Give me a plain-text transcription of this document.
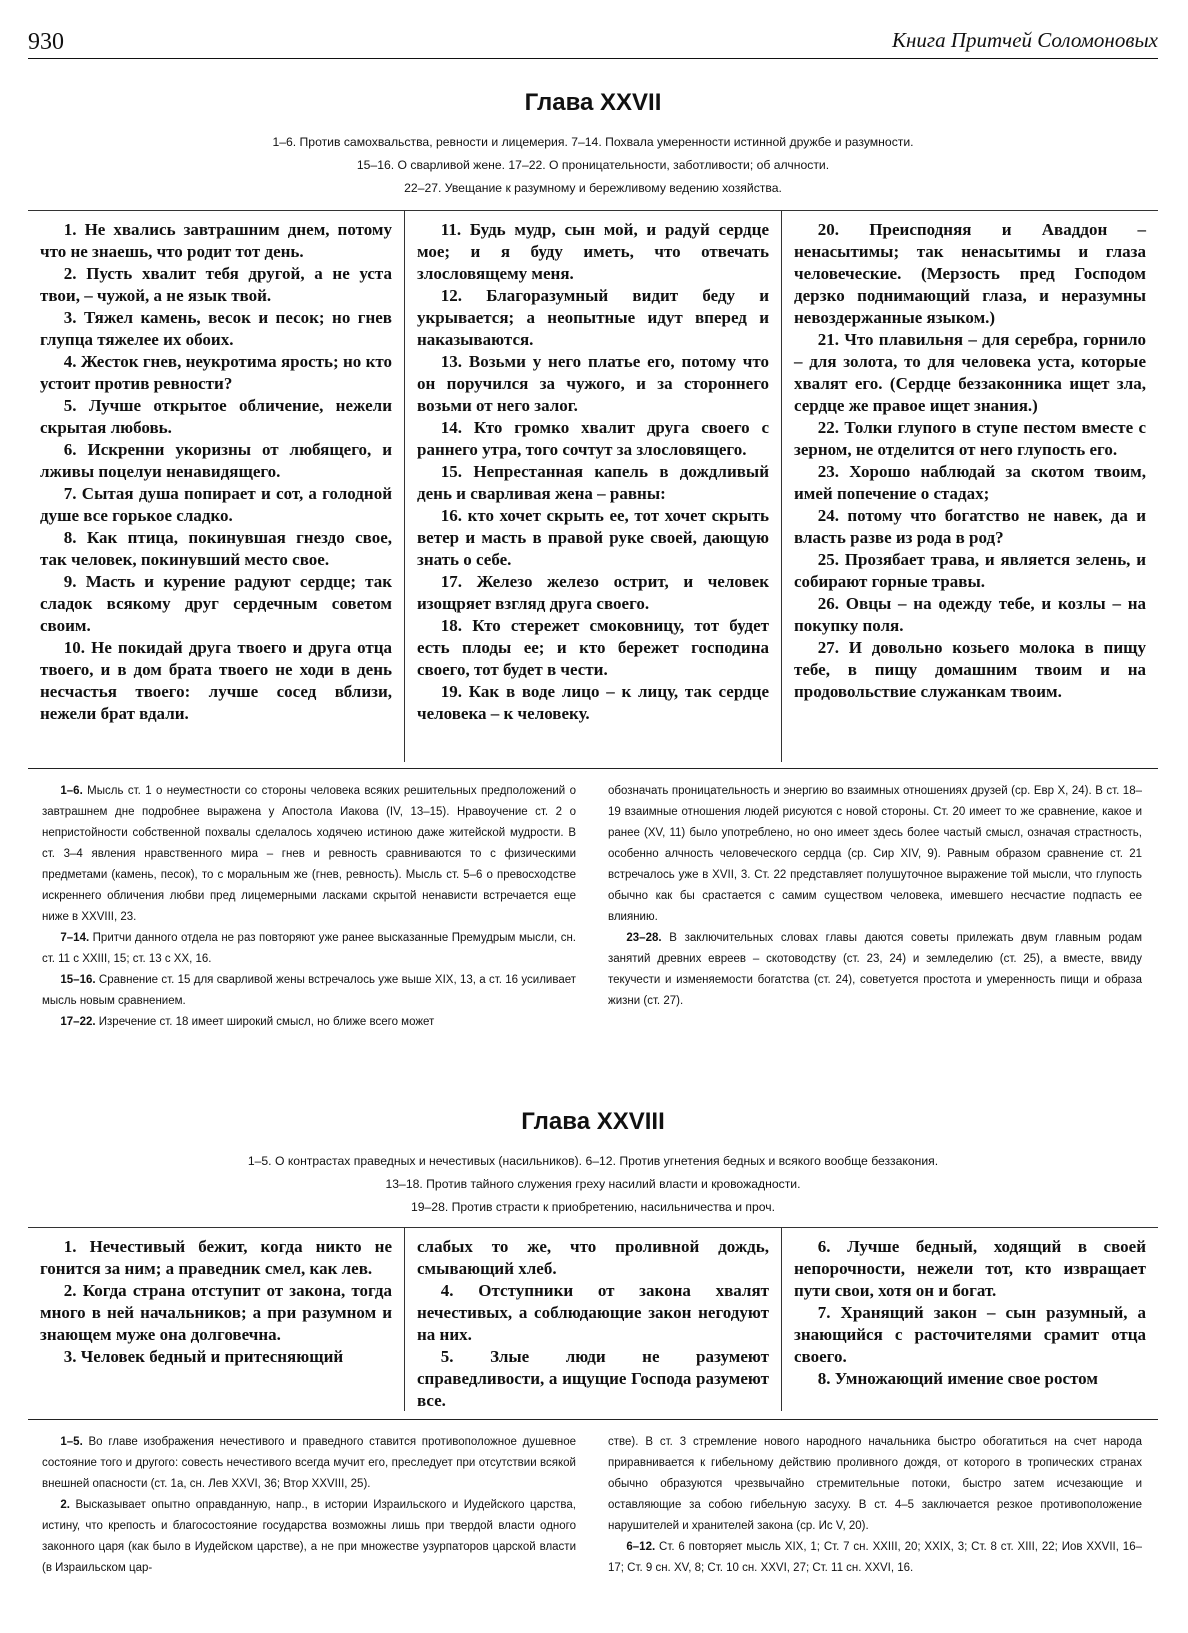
930	Книга Притчей Соломоновых
Глава XXVII
1–6. Против самохвальства, ревности и лицемерия. 7–14. Похвала умеренности истинной дружбе и разумности.
15–16. О сварливой жене. 17–22. О проницательности, заботливости; об алчности.
22–27. Увещание к разумному и бережливому ведению хозяйства.

1. Не хвались завтрашним днем, потому что не знаешь, что родит тот день.

2. Пусть хвалит тебя другой, а не уста твои, – чужой, а не язык твой.

3. Тяжел камень, весок и песок; но гнев глупца тяжелее их обоих.

4. Жесток гнев, неукротима ярость; но кто устоит против ревности?

5. Лучше открытое обличение, нежели скрытая любовь.

6. Искренни укоризны от любящего, и лживы поцелуи ненавидящего.

7. Сытая душа попирает и сот, а голодной душе все горькое сладко.

8. Как птица, покинувшая гнездо свое, так человек, покинувший место свое.

9. Масть и курение радуют сердце; так сладок всякому друг сердечным советом своим.

10. Не покидай друга твоего и друга отца твоего, и в дом брата твоего не ходи в день несчастья твоего: лучше сосед вблизи, нежели брат вдали.

11. Будь мудр, сын мой, и радуй сердце мое; и я буду иметь, что отвечать злословящему меня.

12. Благоразумный видит беду и укрывается; а неопытные идут вперед и наказываются.

13. Возьми у него платье его, потому что он поручился за чужого, и за стороннего возьми от него залог.

14. Кто громко хвалит друга своего с раннего утра, того сочтут за злословящего.

15. Непрестанная капель в дождливый день и сварливая жена – равны:

16. кто хочет скрыть ее, тот хочет скрыть ветер и масть в правой руке своей, дающую знать о себе.

17. Железо железо острит, и человек изощряет взгляд друга своего.

18. Кто стережет смоковницу, тот будет есть плоды ее; и кто бережет господина своего, тот будет в чести.

19. Как в воде лицо – к лицу, так сердце человека – к человеку.

20. Преисподняя и Аваддон – ненасытимы; так ненасытимы и глаза человеческие. (Мерзость пред Господом дерзко поднимающий глаза, и неразумны невоздержанные языком.)

21. Что плавильня – для серебра, горнило – для золота, то для человека уста, которые хвалят его. (Сердце беззаконника ищет зла, сердце же правое ищет знания.)

22. Толки глупого в ступе пестом вместе с зерном, не отделится от него глупость его.

23. Хорошо наблюдай за скотом твоим, имей попечение о стадах;

24. потому что богатство не навек, да и власть разве из рода в род?

25. Прозябает трава, и является зелень, и собирают горные травы.

26. Овцы – на одежду тебе, и козлы – на покупку поля.

27. И довольно козьего молока в пищу тебе, в пищу домашним твоим и на продовольствие служанкам твоим.

1–6. Мысль ст. 1 о неуместности со стороны человека всяких решительных предположений о завтрашнем дне подробнее выражена у Апостола Иакова (IV, 13–15). Нравоучение ст. 2 о непристойности собственной похвалы сделалось ходячею истиною даже житейской мудрости. В ст. 3–4 явления нравственного мира – гнев и ревность сравниваются то с физическими предметами (камень, песок), то с моральным же (гнев, ревность). Мысль ст. 5–6 о превосходстве искреннего обличения любви пред лицемерными ласками скрытой ненависти встречается еще ниже в XXVIII, 23.

7–14. Притчи данного отдела не раз повторяют уже ранее высказанные Премудрым мысли, сн. ст. 11 с XXIII, 15; ст. 13 с XX, 16.

15–16. Сравнение ст. 15 для сварливой жены встречалось уже выше XIX, 13, а ст. 16 усиливает мысль новым сравнением.

17–22. Изречение ст. 18 имеет широкий смысл, но ближе всего может

обозначать проницательность и энергию во взаимных отношениях друзей (ср. Евр X, 24). В ст. 18–19 взаимные отношения людей рисуются с новой стороны. Ст. 20 имеет то же сравнение, какое и ранее (XV, 11) было употреблено, но оно имеет здесь более частый смысл, означая страстность, особенно алчность человеческого сердца (ср. Сир XIV, 9). Равным образом сравнение ст. 21 встречалось уже в XVII, 3. Ст. 22 представляет полушуточное выражение той мысли, что глупость обычно как бы срастается с самим существом человека, имевшего несчастие подпасть ее влиянию.

23–28. В заключительных словах главы даются советы прилежать двум главным родам занятий древних евреев – скотоводству (ст. 23, 24) и земледелию (ст. 25), а вместе, ввиду текучести и изменяемости богатства (ст. 24), советуется простота и умеренность пищи и образа жизни (ст. 27).

Глава XXVIII
1–5. О контрастах праведных и нечестивых (насильников). 6–12. Против угнетения бедных и всякого вообще беззакония.
13–18. Против тайного служения греху насилий власти и кровожадности.
19–28. Против страсти к приобретению, насильничества и проч.

1. Нечестивый бежит, когда никто не гонится за ним; а праведник смел, как лев.

2. Когда страна отступит от закона, тогда много в ней начальников; а при разумном и знающем муже она долговечна.

3. Человек бедный и притесняющий

слабых то же, что проливной дождь, смывающий хлеб.

4. Отступники от закона хвалят нечестивых, а соблюдающие закон негодуют на них.

5. Злые люди не разумеют справедливости, а ищущие Господа разумеют все.

6. Лучше бедный, ходящий в своей непорочности, нежели тот, кто извращает пути свои, хотя он и богат.

7. Хранящий закон – сын разумный, а знающийся с расточителями срамит отца своего.

8. Умножающий имение свое ростом

1–5. Во главе изображения нечестивого и праведного ставится противоположное душевное состояние того и другого: совесть нечестивого всегда мучит его, преследует при отсутствии всякой внешней опасности (ст. 1а, сн. Лев XXVI, 36; Втор XXVIII, 25).

2. Высказывает опытно оправданную, напр., в истории Израильского и Иудейского царства, истину, что крепость и благосостояние государства возможны лишь при твердой власти одного законного царя (как было в Иудейском царстве), а не при множестве узурпаторов царской власти (в Израильском цар-

стве). В ст. 3 стремление нового народного начальника быстро обогатиться на счет народа приравнивается к гибельному действию проливного дождя, от которого в тропических странах обычно образуются чрезвычайно стремительные потоки, быстро затем исчезающие и оставляющие за собою гибельную засуху. В ст. 4–5 заключается резкое противоположение нарушителей и хранителей закона (ср. Ис V, 20).

6–12. Ст. 6 повторяет мысль XIX, 1; Ст. 7 сн. XXIII, 20; XXIX, 3; Ст. 8 ст. XIII, 22; Иов XXVII, 16–17; Ст. 9 сн. XV, 8; Ст. 10 сн. XXVI, 27; Ст. 11 сн. XXVI, 16.
